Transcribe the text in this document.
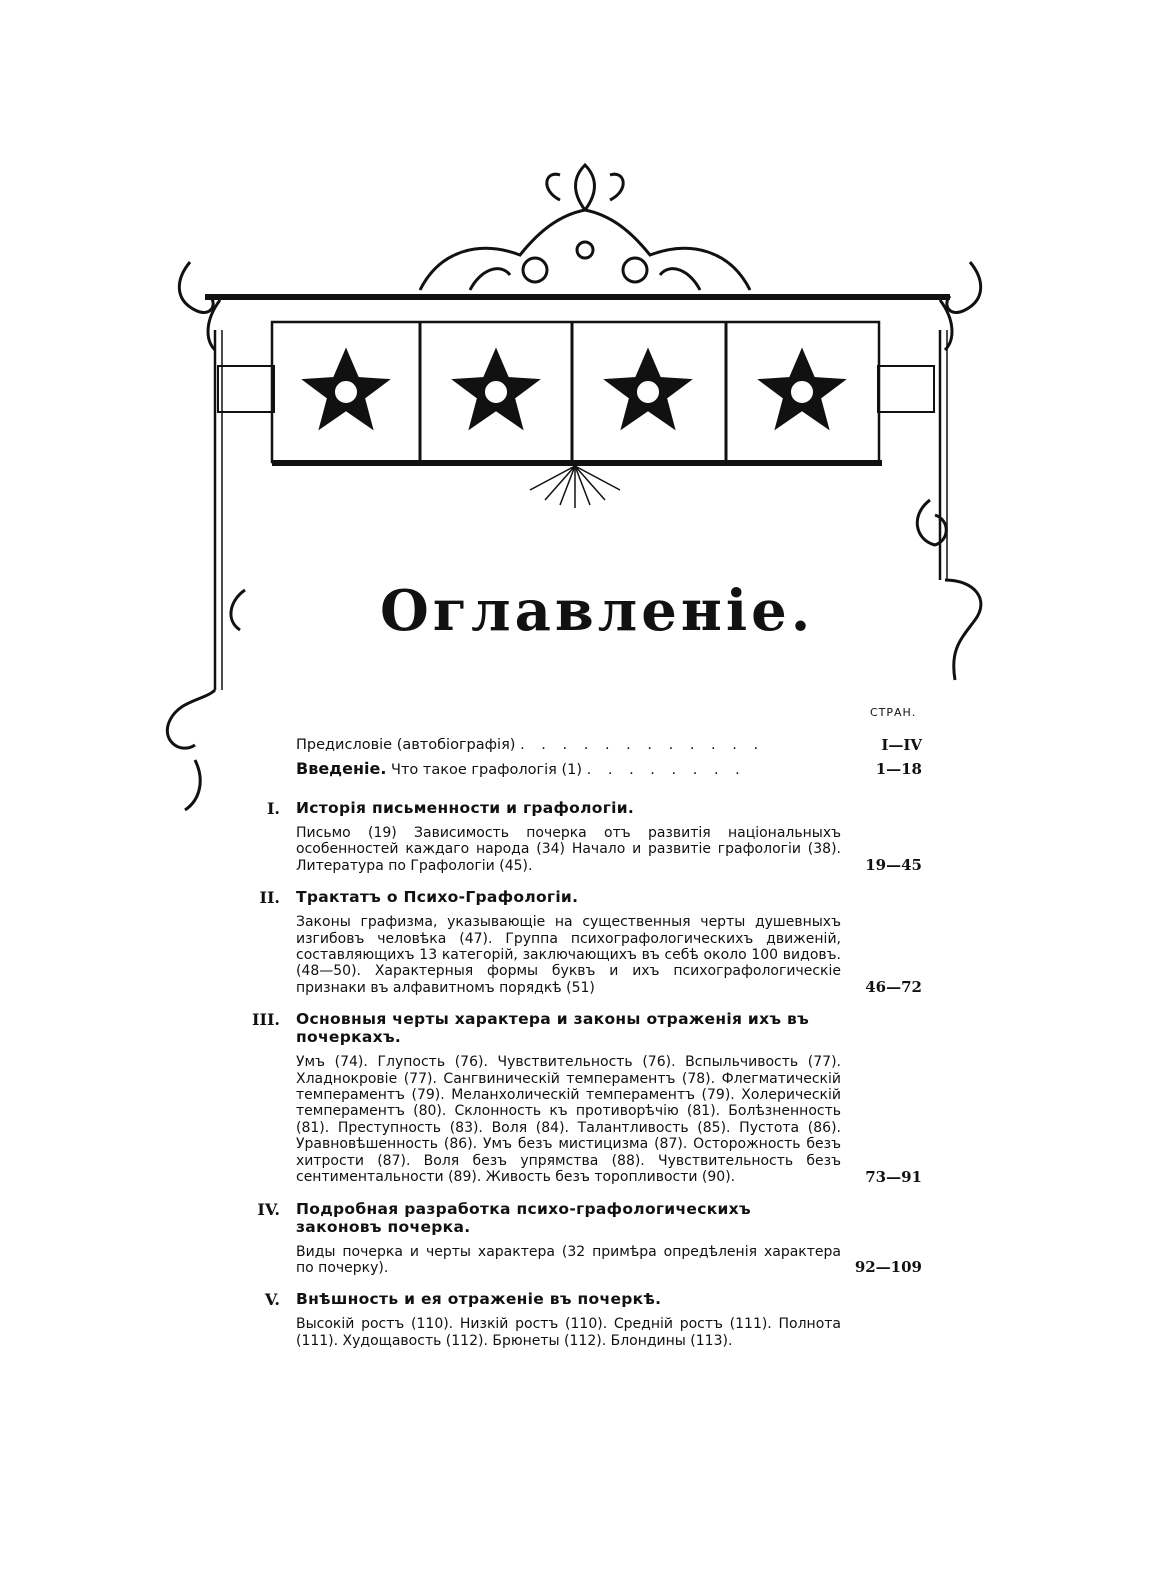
Оглавленіе.
СТРАН.
Предисловіе (автобіографія) . . . . . . . . . . . .	I—IV
Введеніе. Что такое графологія (1) . . . . . . . .	1—18
I. Исторія письменности и графологіи.
Письмо (19) Зависимость почерка отъ развитія національныхъ особенностей каждаго народа (34) Начало и развитіе графологіи (38). Литература по Графологіи (45).	19—45
II. Трактатъ о Психо-Графологіи.
Законы графизма, указывающіе на существенныя черты душевныхъ изгибовъ человѣка (47). Группа психографологическихъ движеній, составляющихъ 13 категорій, заключающихъ въ себѣ около 100 видовъ. (48—50). Характерныя формы буквъ и ихъ психографологическіе признаки въ алфавитномъ порядкѣ (51)	46—72
III. Основныя черты характера и законы отраженія ихъ въ почеркахъ.
Умъ (74). Глупость (76). Чувствительность (76). Вспыльчивость (77). Хладнокровіе (77). Сангвиническій темпераментъ (78). Флегматическій темпераментъ (79). Меланхолическій темпераментъ (79). Холерическій темпераментъ (80). Склонность къ противорѣчію (81). Болѣзненность (81). Преступность (83). Воля (84). Талантливость (85). Пустота (86). Уравновѣшенность (86). Умъ безъ мистицизма (87). Осторожность безъ хитрости (87). Воля безъ упрямства (88). Чувствительность безъ сентиментальности (89). Живость безъ торопливости (90).	73—91
IV. Подробная разработка психо-графологическихъ законовъ почерка.
Виды почерка и черты характера (32 примѣра опредѣленія характера по почерку).	92—109
V. Внѣшность и ея отраженіе въ почеркѣ.
Высокій ростъ (110). Низкій ростъ (110). Средній ростъ (111). Полнота (111). Худощавость (112). Брюнеты (112). Блондины (113).
